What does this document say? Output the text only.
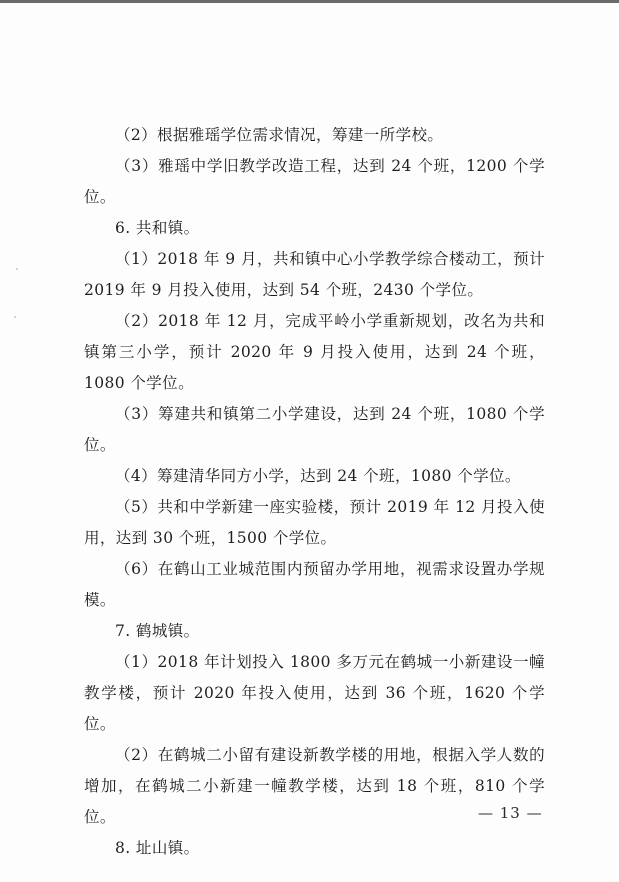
（2）根据雅瑶学位需求情况，筹建一所学校。

（3）雅瑶中学旧教学改造工程，达到 24 个班，1200 个学位。

6. 共和镇。

（1）2018 年 9 月，共和镇中心小学教学综合楼动工，预计 2019 年 9 月投入使用，达到 54 个班，2430 个学位。

（2）2018 年 12 月，完成平岭小学重新规划，改名为共和镇第三小学，预计 2020 年 9 月投入使用，达到 24 个班，1080 个学位。

（3）筹建共和镇第二小学建设，达到 24 个班，1080 个学位。

（4）筹建清华同方小学，达到 24 个班，1080 个学位。

（5）共和中学新建一座实验楼，预计 2019 年 12 月投入使用，达到 30 个班，1500 个学位。

（6）在鹤山工业城范围内预留办学用地，视需求设置办学规模。

7. 鹤城镇。

（1）2018 年计划投入 1800 多万元在鹤城一小新建设一幢教学楼，预计 2020 年投入使用，达到 36 个班，1620 个学位。

（2）在鹤城二小留有建设新教学楼的用地，根据入学人数的增加，在鹤城二小新建一幢教学楼，达到 18 个班，810 个学位。

8. 址山镇。

— 13 —
